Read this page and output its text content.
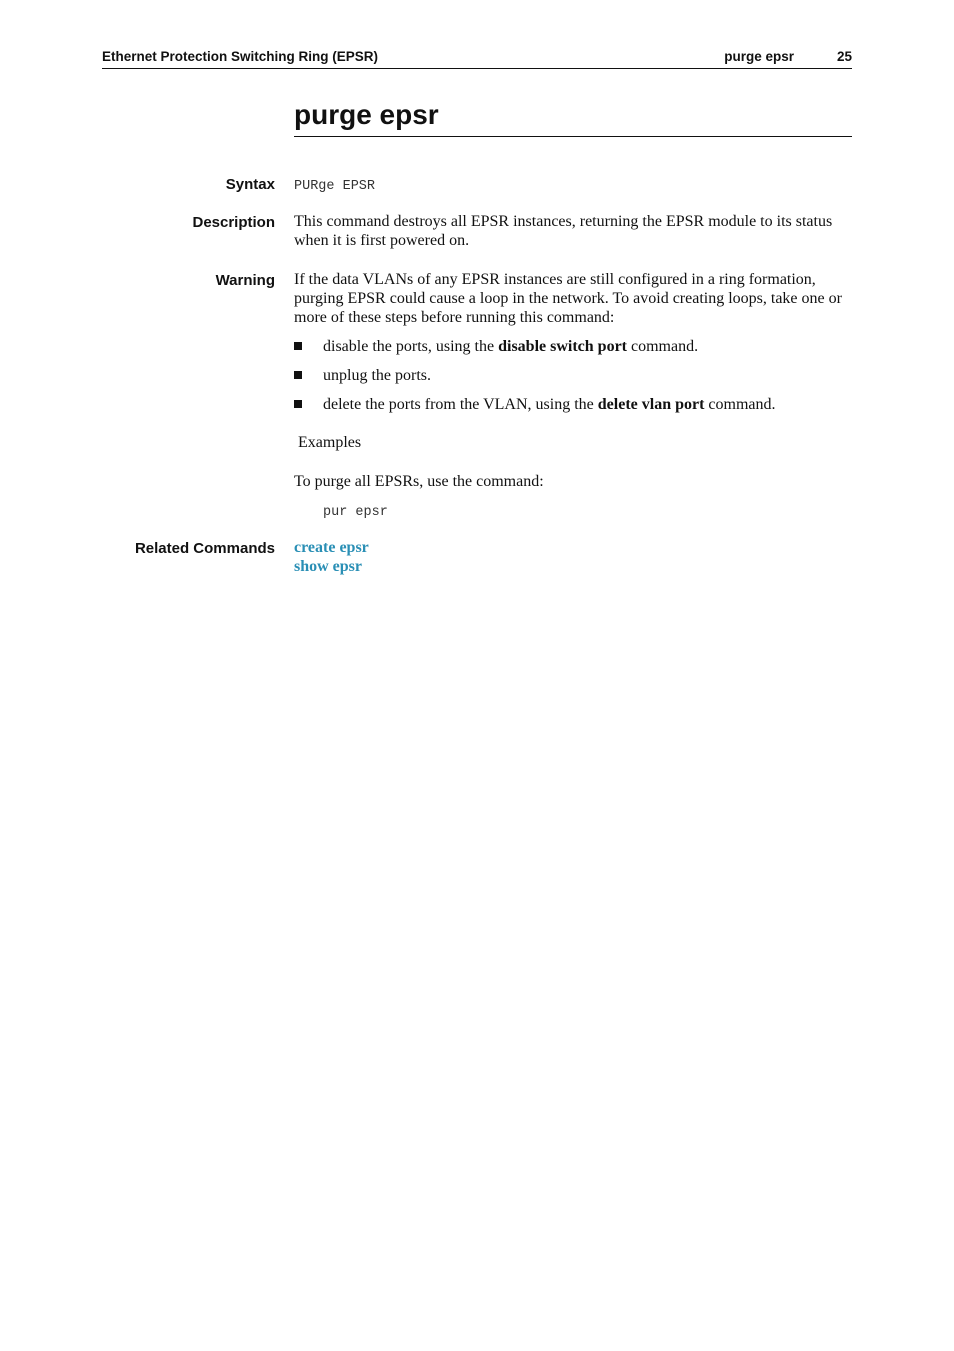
Ethernet Protection Switching Ring (EPSR)	purge epsr	25
purge epsr
Syntax PURge EPSR
Description This command destroys all EPSR instances, returning the EPSR module to its status when it is first powered on.
Warning If the data VLANs of any EPSR instances are still configured in a ring formation, purging EPSR could cause a loop in the network. To avoid creating loops, take one or more of these steps before running this command:
disable the ports, using the disable switch port command.
unplug the ports.
delete the ports from the VLAN, using the delete vlan port command.
Examples
To purge all EPSRs, use the command:
pur epsr
Related Commands create epsr
show epsr
